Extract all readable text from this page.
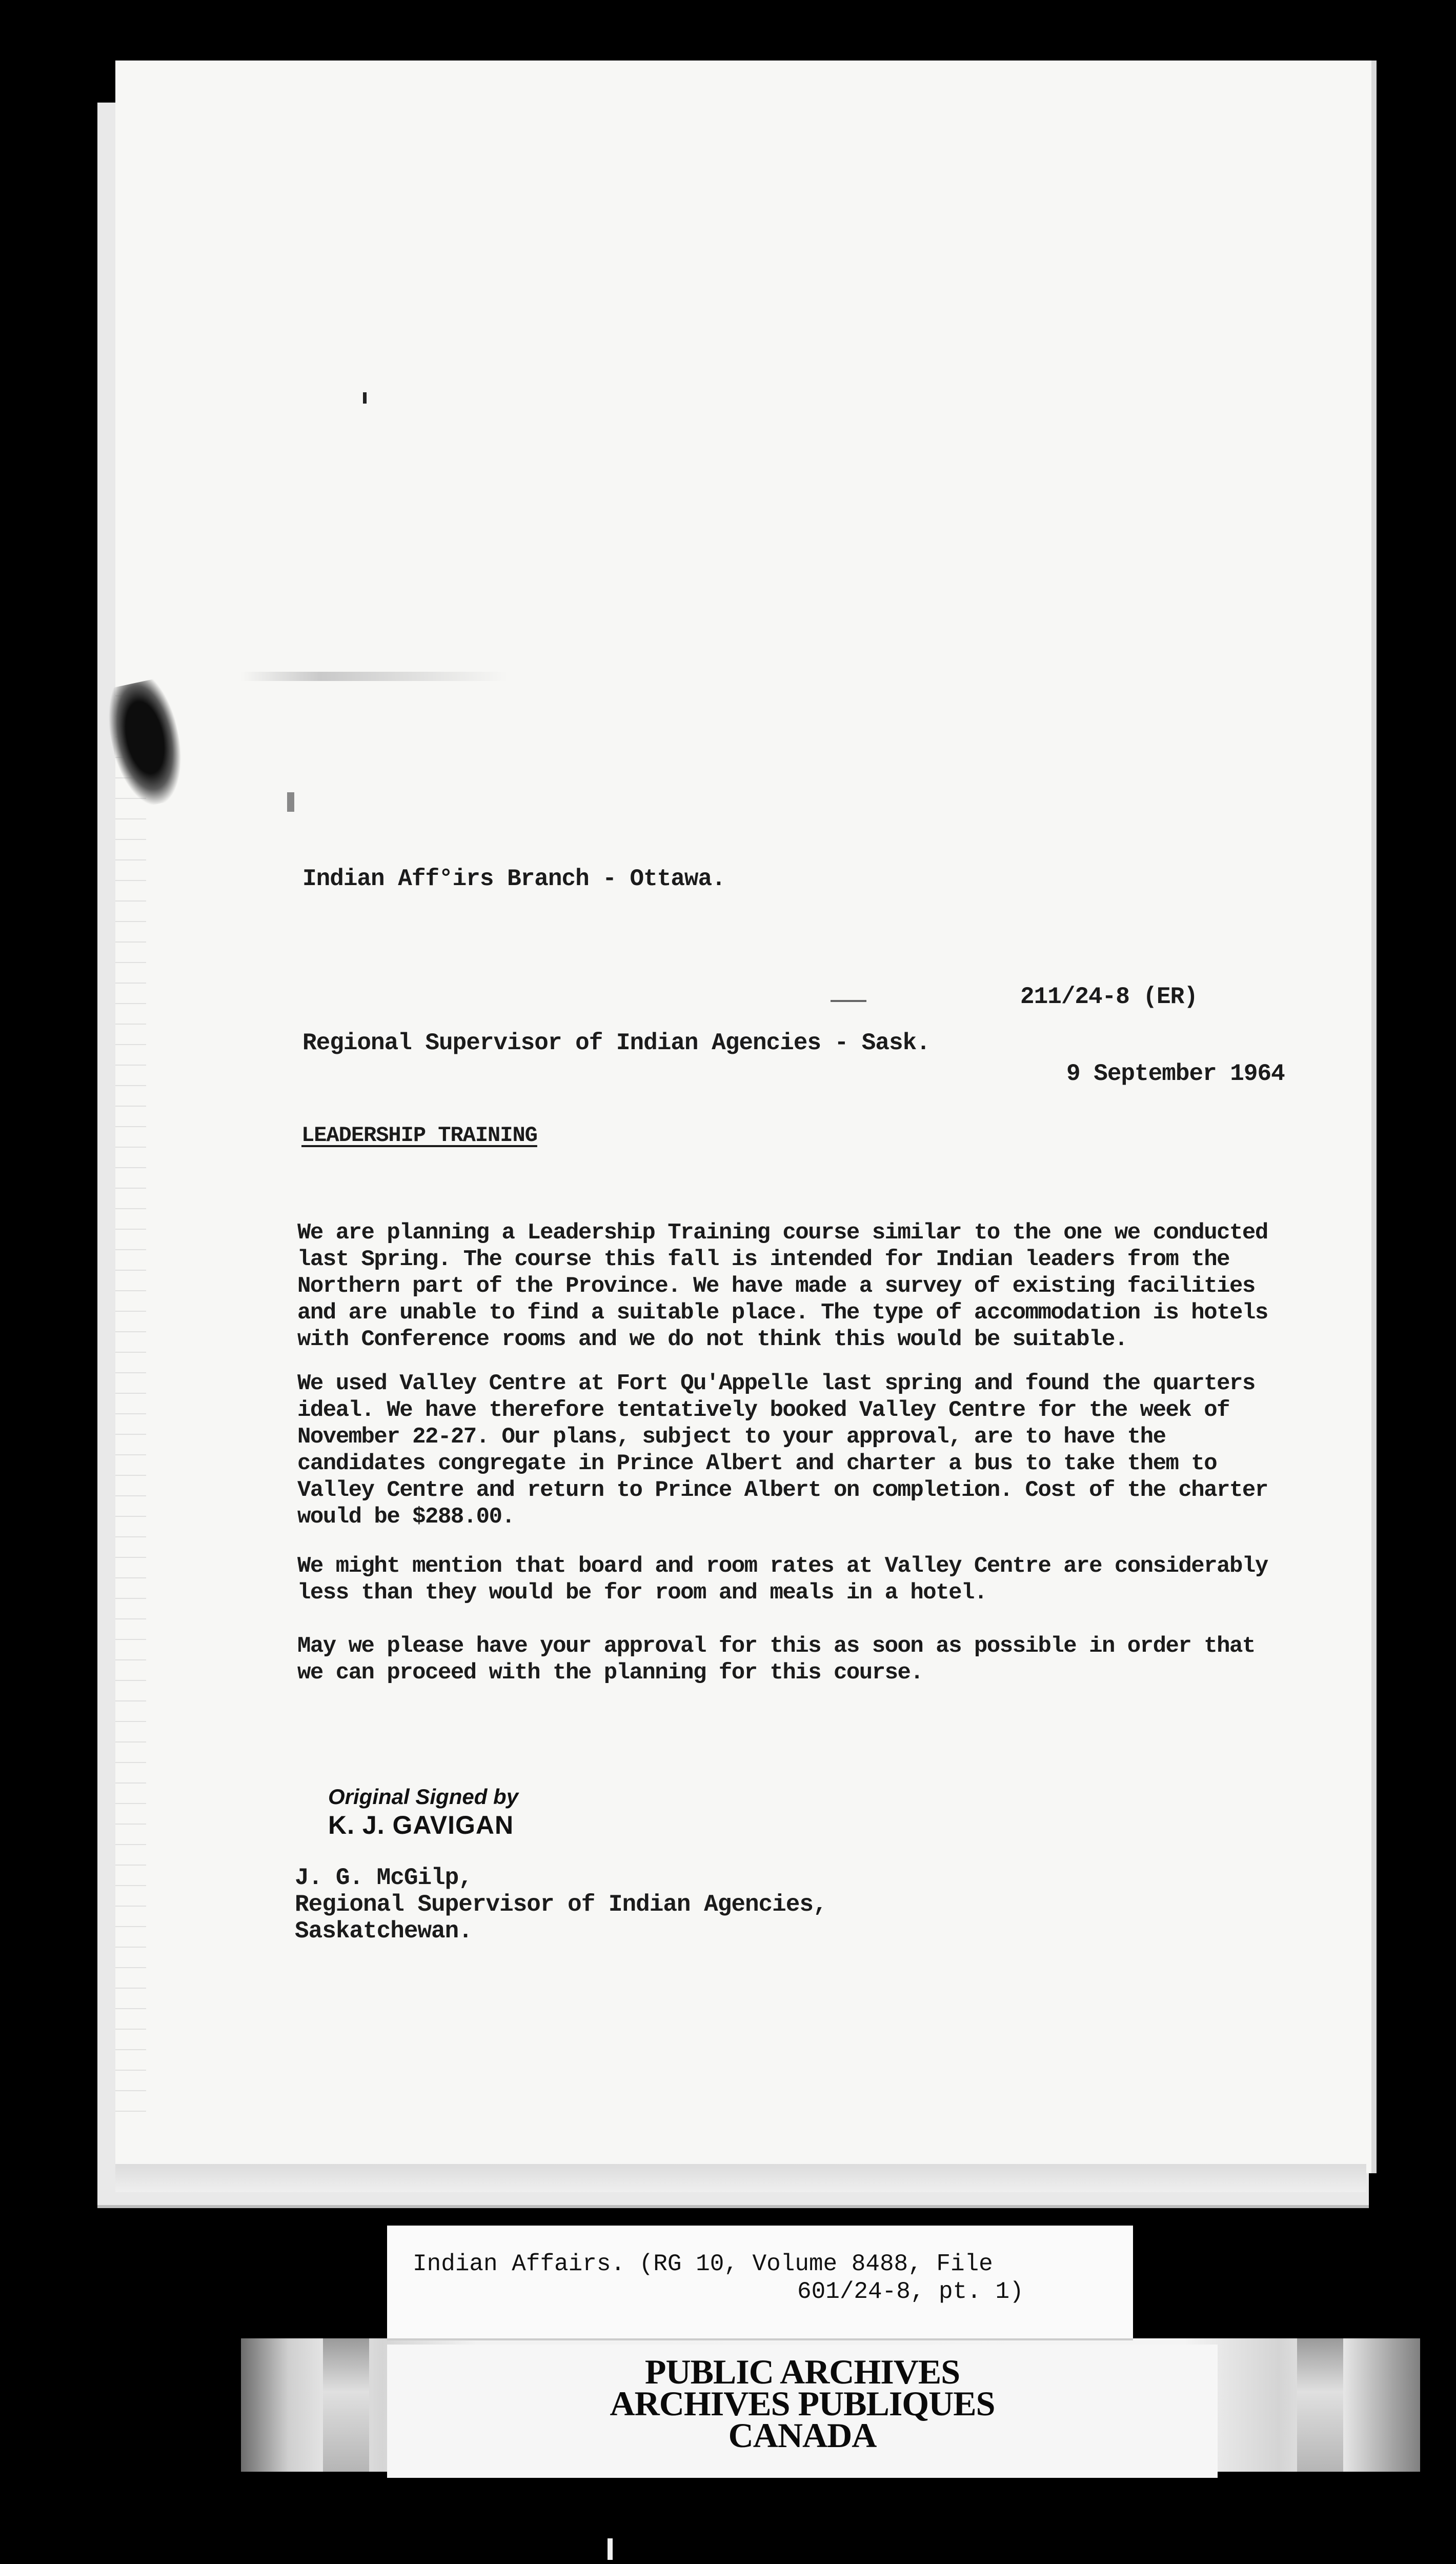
Indian Aff°irs Branch - Ottawa.
211/24-8 (ER)
Regional Supervisor of Indian Agencies - Sask.
9 September 1964
LEADERSHIP TRAINING
We are planning a Leadership Training course similar to the one we conducted
last Spring. The course this fall is intended for Indian leaders from the
Northern part of the Province. We have made a survey of existing facilities
and are unable to find a suitable place. The type of accommodation is hotels
with Conference rooms and we do not think this would be suitable.
We used Valley Centre at Fort Qu'Appelle last spring and found the quarters
ideal. We have therefore tentatively booked Valley Centre for the week of
November 22-27. Our plans, subject to your approval, are to have the
candidates congregate in Prince Albert and charter a bus to take them to
Valley Centre and return to Prince Albert on completion. Cost of the charter
would be $288.00.
We might mention that board and room rates at Valley Centre are considerably
less than they would be for room and meals in a hotel.
May we please have your approval for this as soon as possible in order that
we can proceed with the planning for this course.
Original Signed by
K. J. GAVIGAN
J. G. McGilp,
Regional Supervisor of Indian Agencies,
Saskatchewan.
Indian Affairs. (RG 10, Volume 8488, File
601/24-8, pt. 1)
PUBLIC ARCHIVES
ARCHIVES PUBLIQUES
CANADA
